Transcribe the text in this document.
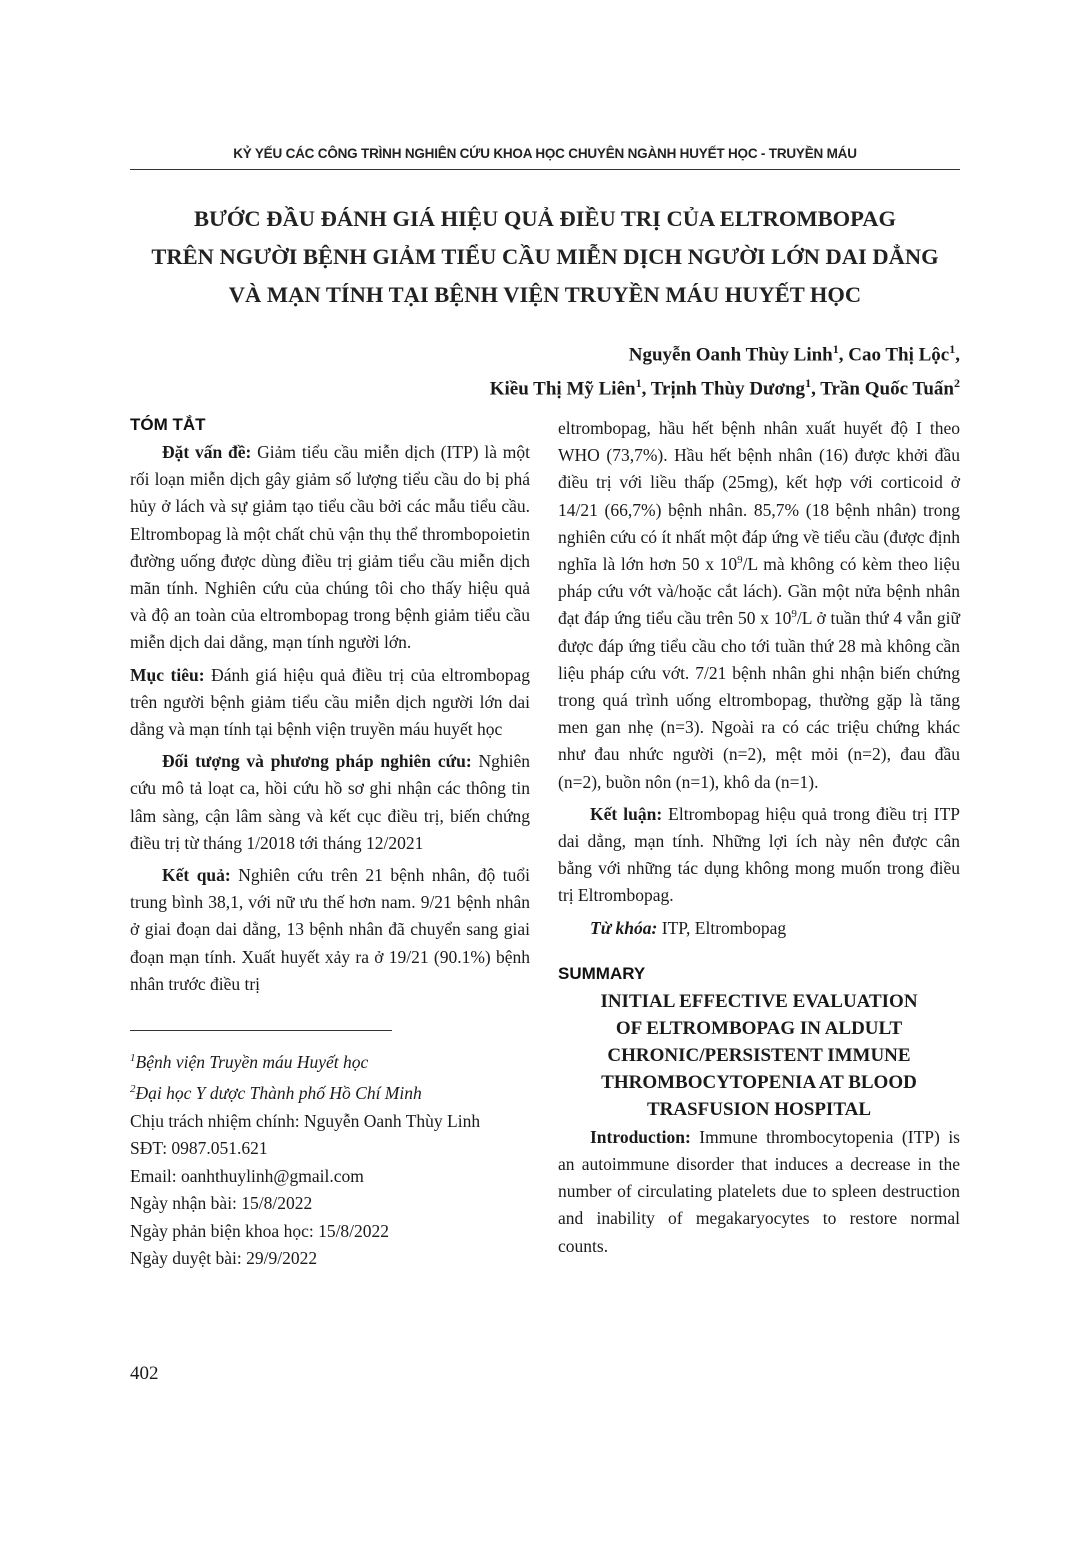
KỶ YẾU CÁC CÔNG TRÌNH NGHIÊN CỨU KHOA HỌC CHUYÊN NGÀNH HUYẾT HỌC - TRUYỀN MÁU
BƯỚC ĐẦU ĐÁNH GIÁ HIỆU QUẢ ĐIỀU TRỊ CỦA ELTROMBOPAG
TRÊN NGƯỜI BỆNH GIẢM TIỂU CẦU MIỄN DỊCH NGƯỜI LỚN DAI DẲNG
VÀ MẠN TÍNH TẠI BỆNH VIỆN TRUYỀN MÁU HUYẾT HỌC
Nguyễn Oanh Thùy Linh$^1$, Cao Thị Lộc$^1$,
Kiều Thị Mỹ Liên$^1$, Trịnh Thùy Dương$^1$, Trần Quốc Tuấn$^2$
TÓM TẮT

Đặt vấn đề: Giảm tiểu cầu miễn dịch (ITP) là một rối loạn miễn dịch gây giảm số lượng tiểu cầu do bị phá hủy ở lách và sự giảm tạo tiểu cầu bởi các mẫu tiểu cầu. Eltrombopag là một chất chủ vận thụ thể thrombopoietin đường uống được dùng điều trị giảm tiểu cầu miễn dịch mãn tính. Nghiên cứu của chúng tôi cho thấy hiệu quả và độ an toàn của eltrombopag trong bệnh giảm tiểu cầu miễn dịch dai dẳng, mạn tính người lớn.

Mục tiêu: Đánh giá hiệu quả điều trị của eltrombopag trên người bệnh giảm tiểu cầu miễn dịch người lớn dai dẳng và mạn tính tại bệnh viện truyền máu huyết học

Đối tượng và phương pháp nghiên cứu: Nghiên cứu mô tả loạt ca, hồi cứu hồ sơ ghi nhận các thông tin lâm sàng, cận lâm sàng và kết cục điều trị, biến chứng điều trị từ tháng 1/2018 tới tháng 12/2021

Kết quả: Nghiên cứu trên 21 bệnh nhân, độ tuổi trung bình 38,1, với nữ ưu thế hơn nam. 9/21 bệnh nhân ở giai đoạn dai dẳng, 13 bệnh nhân đã chuyển sang giai đoạn mạn tính. Xuất huyết xảy ra ở 19/21 (90.1%) bệnh nhân trước điều trị

$^1$Bệnh viện Truyền máu Huyết học
$^2$Đại học Y dược Thành phố Hồ Chí Minh
Chịu trách nhiệm chính: Nguyễn Oanh Thùy Linh
SĐT: 0987.051.621
Email: oanhthuylinh@gmail.com
Ngày nhận bài: 15/8/2022
Ngày phản biện khoa học: 15/8/2022
Ngày duyệt bài: 29/9/2022

eltrombopag, hầu hết bệnh nhân xuất huyết độ I theo WHO (73,7%). Hầu hết bệnh nhân (16) được khởi đầu điều trị với liều thấp (25mg), kết hợp với corticoid ở 14/21 (66,7%) bệnh nhân. 85,7% (18 bệnh nhân) trong nghiên cứu có ít nhất một đáp ứng về tiểu cầu (được định nghĩa là lớn hơn 50 x $10^9/L$ mà không có kèm theo liệu pháp cứu vớt và/hoặc cắt lách). Gần một nửa bệnh nhân đạt đáp ứng tiểu cầu trên 50 x $10^9/L$ ở tuần thứ 4 vẫn giữ được đáp ứng tiểu cầu cho tới tuần thứ 28 mà không cần liệu pháp cứu vớt. 7/21 bệnh nhân ghi nhận biến chứng trong quá trình uống eltrombopag, thường gặp là tăng men gan nhẹ (n=3). Ngoài ra có các triệu chứng khác như đau nhức người (n=2), mệt mỏi (n=2), đau đầu (n=2), buồn nôn (n=1), khô da (n=1).

Kết luận: Eltrombopag hiệu quả trong điều trị ITP dai dẳng, mạn tính. Những lợi ích này nên được cân bằng với những tác dụng không mong muốn trong điều trị Eltrombopag.

Từ khóa: ITP, Eltrombopag

SUMMARY
INITIAL EFFECTIVE EVALUATION
OF ELTROMBOPAG IN ALDULT
CHRONIC/PERSISTENT IMMUNE
THROMBOCYTOPENIA AT BLOOD
TRASFUSION HOSPITAL

Introduction: Immune thrombocytopenia (ITP) is an autoimmune disorder that induces a decrease in the number of circulating platelets due to spleen destruction and inability of megakaryocytes to restore normal counts.

402
